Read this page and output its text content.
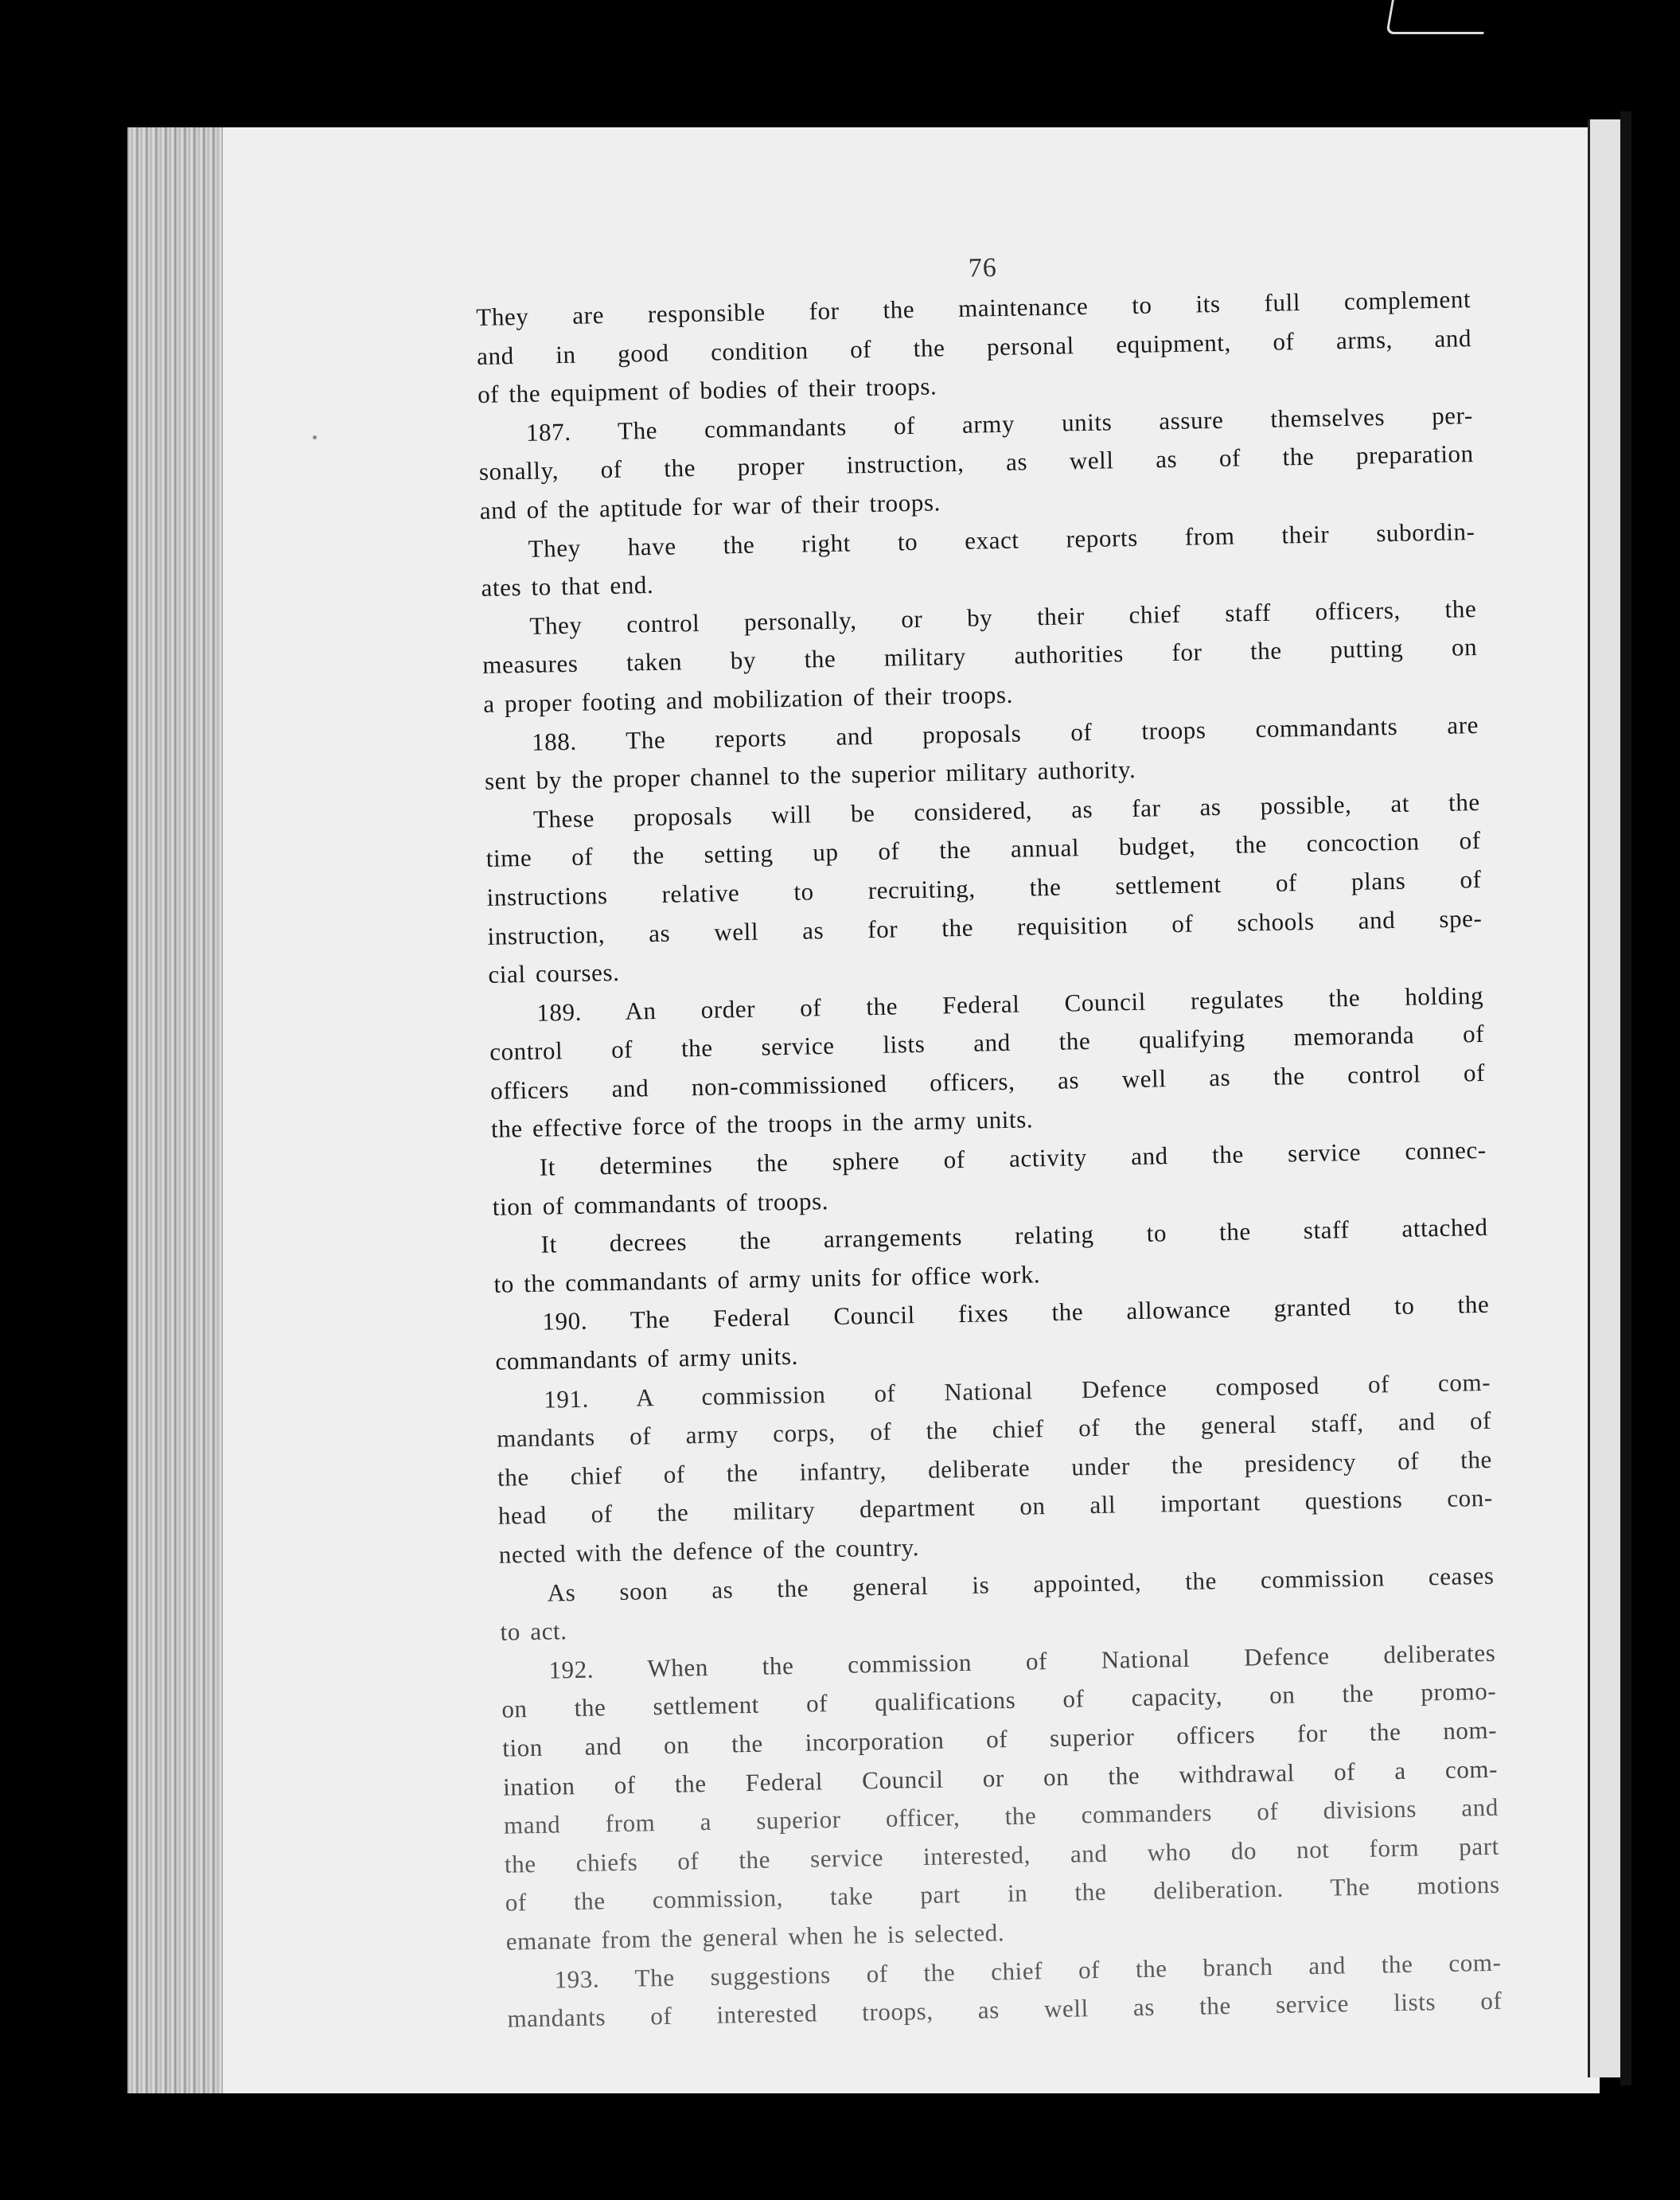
76
They are responsible for the maintenance to its full complement
and in good condition of the personal equipment, of arms, and
of the equipment of bodies of their troops.
187. The commandants of army units assure themselves per-
sonally, of the proper instruction, as well as of the preparation
and of the aptitude for war of their troops.
They have the right to exact reports from their subordin-
ates to that end.
They control personally, or by their chief staff officers, the
measures taken by the military authorities for the putting on
a proper footing and mobilization of their troops.
188. The reports and proposals of troops commandants are
sent by the proper channel to the superior military authority.
These proposals will be considered, as far as possible, at the
time of the setting up of the annual budget, the concoction of
instructions relative to recruiting, the settlement of plans of
instruction, as well as for the requisition of schools and spe-
cial courses.
189. An order of the Federal Council regulates the holding
control of the service lists and the qualifying memoranda of
officers and non-commissioned officers, as well as the control of
the effective force of the troops in the army units.
It determines the sphere of activity and the service connec-
tion of commandants of troops.
It decrees the arrangements relating to the staff attached
to the commandants of army units for office work.
190. The Federal Council fixes the allowance granted to the
commandants of army units.
191. A commission of National Defence composed of com-
mandants of army corps, of the chief of the general staff, and of
the chief of the infantry, deliberate under the presidency of the
head of the military department on all important questions con-
nected with the defence of the country.
As soon as the general is appointed, the commission ceases
to act.
192. When the commission of National Defence deliberates
on the settlement of qualifications of capacity, on the promo-
tion and on the incorporation of superior officers for the nom-
ination of the Federal Council or on the withdrawal of a com-
mand from a superior officer, the commanders of divisions and
the chiefs of the service interested, and who do not form part
of the commission, take part in the deliberation. The motions
emanate from the general when he is selected.
193. The suggestions of the chief of the branch and the com-
mandants of interested troops, as well as the service lists of
